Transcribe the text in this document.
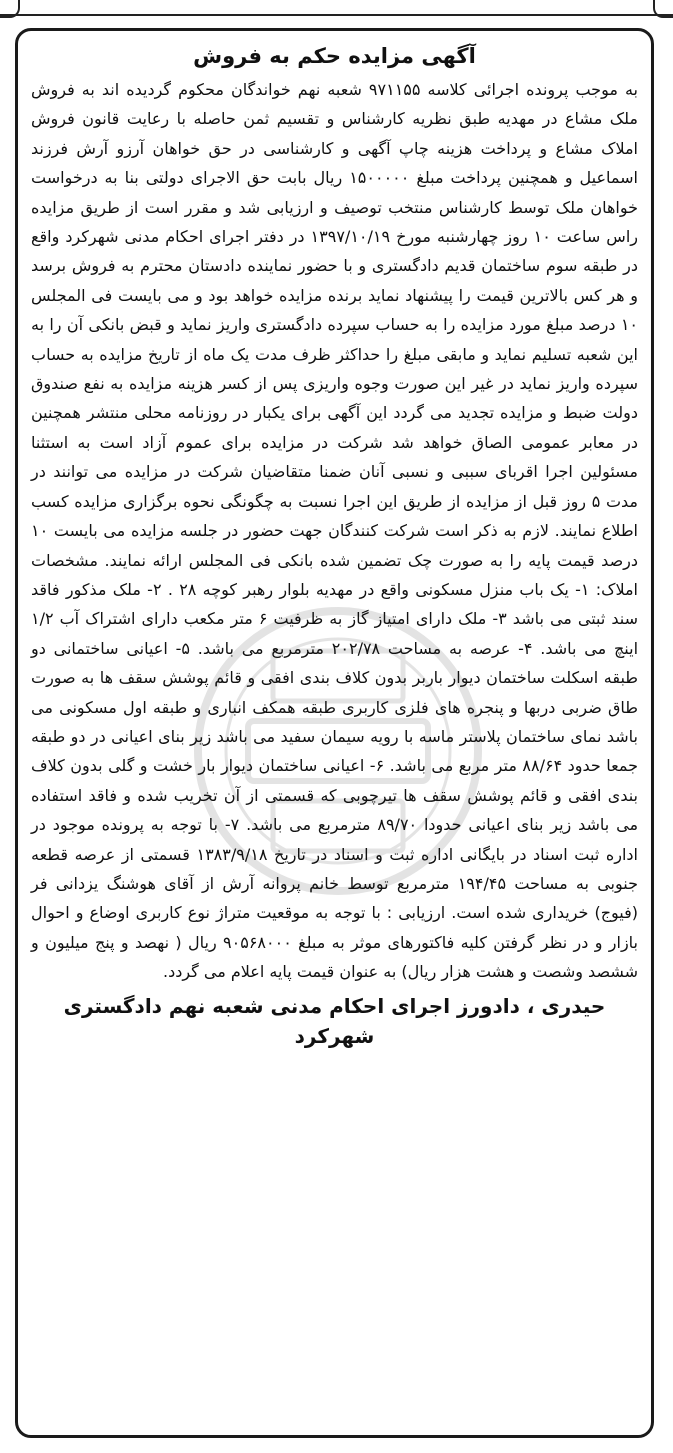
آگهی مزایده حکم به فروش

به موجب پرونده اجرائی کلاسه ۹۷۱۱۵۵ شعبه نهم خواندگان محکوم گردیده اند به فروش ملک مشاع در مهدیه طبق نظریه کارشناس و تقسیم ثمن حاصله با رعایت قانون فروش املاک مشاع و پرداخت هزینه چاپ آگهی و کارشناسی در حق خواهان آرزو آرش فرزند اسماعیل و همچنین پرداخت مبلغ ۱۵۰۰۰۰۰ ریال بابت حق الاجرای دولتی بنا به درخواست خواهان ملک توسط کارشناس منتخب توصیف و ارزیابی شد و مقرر است از طریق مزایده راس ساعت ۱۰ روز چهارشنبه مورخ ۱۳۹۷/۱۰/۱۹ در دفتر اجرای احکام مدنی شهرکرد واقع در طبقه سوم ساختمان قدیم دادگستری و با حضور نماینده دادستان محترم به فروش برسد و هر کس بالاترین قیمت را پیشنهاد نماید برنده مزایده خواهد بود و می بایست فی المجلس ۱۰ درصد مبلغ مورد مزایده را به حساب سپرده دادگستری واریز نماید و قبض بانکی آن را به این شعبه تسلیم نماید و مابقی مبلغ را حداکثر ظرف مدت یک ماه از تاریخ مزایده به حساب سپرده واریز نماید در غیر این صورت وجوه واریزی پس از کسر هزینه مزایده به نفع صندوق دولت ضبط و مزایده تجدید می گردد این آگهی برای یکبار در روزنامه محلی منتشر همچنین در معابر عمومی الصاق خواهد شد شرکت در مزایده برای عموم آزاد است به استثنا مسئولین اجرا اقربای سببی و نسبی آنان ضمنا متقاضیان شرکت در مزایده می توانند در مدت ۵ روز قبل از مزایده از طریق این اجرا نسبت به چگونگی نحوه برگزاری مزایده کسب اطلاع نمایند. لازم به ذکر است شرکت کنندگان جهت حضور در جلسه مزایده می بایست ۱۰ درصد قیمت پایه را به صورت چک تضمین شده بانکی فی المجلس ارائه نمایند. مشخصات املاک: ۱- یک باب منزل مسکونی واقع در مهدیه بلوار رهبر کوچه ۲۸ . ۲- ملک مذکور فاقد سند ثبتی می باشد ۳- ملک دارای امتیاز گاز به ظرفیت ۶ متر مکعب دارای اشتراک آب ۱/۲ اینچ می باشد. ۴- عرصه به مساحت ۲۰۲/۷۸ مترمربع می باشد. ۵- اعیانی ساختمانی دو طبقه اسکلت ساختمان دیوار باربر بدون کلاف بندی افقی و قائم پوشش سقف ها به صورت طاق ضربی دربها و پنجره های فلزی کاربری طبقه همکف انباری و طبقه اول مسکونی می باشد نمای ساختمان پلاستر ماسه با رویه سیمان سفید می باشد زیر بنای اعیانی در دو طبقه جمعا حدود ۸۸/۶۴ متر مربع می باشد. ۶- اعیانی ساختمان دیوار بار خشت و گلی بدون کلاف بندی افقی و قائم پوشش سقف ها تیرچوبی که قسمتی از آن تخریب شده و فاقد استفاده می باشد زیر بنای اعیانی حدودا ۸۹/۷۰ مترمربع می باشد. ۷- با توجه به پرونده موجود در اداره ثبت اسناد در بایگانی اداره ثبت و اسناد در تاریخ ۱۳۸۳/۹/۱۸ قسمتی از عرصه قطعه جنوبی به مساحت ۱۹۴/۴۵ مترمربع توسط خانم پروانه آرش از آقای هوشنگ یزدانی فر (فیوج) خریداری شده است. ارزیابی : با توجه به موقعیت متراژ نوع کاربری اوضاع و احوال بازار و در نظر گرفتن کلیه فاکتورهای موثر به مبلغ ۹۰۵۶۸۰۰۰ ریال ( نهصد و پنج میلیون و ششصد وشصت و هشت هزار ریال) به عنوان قیمت پایه اعلام می گردد.

حیدری ، دادورز اجرای احکام مدنی شعبه نهم دادگستری شهرکرد
